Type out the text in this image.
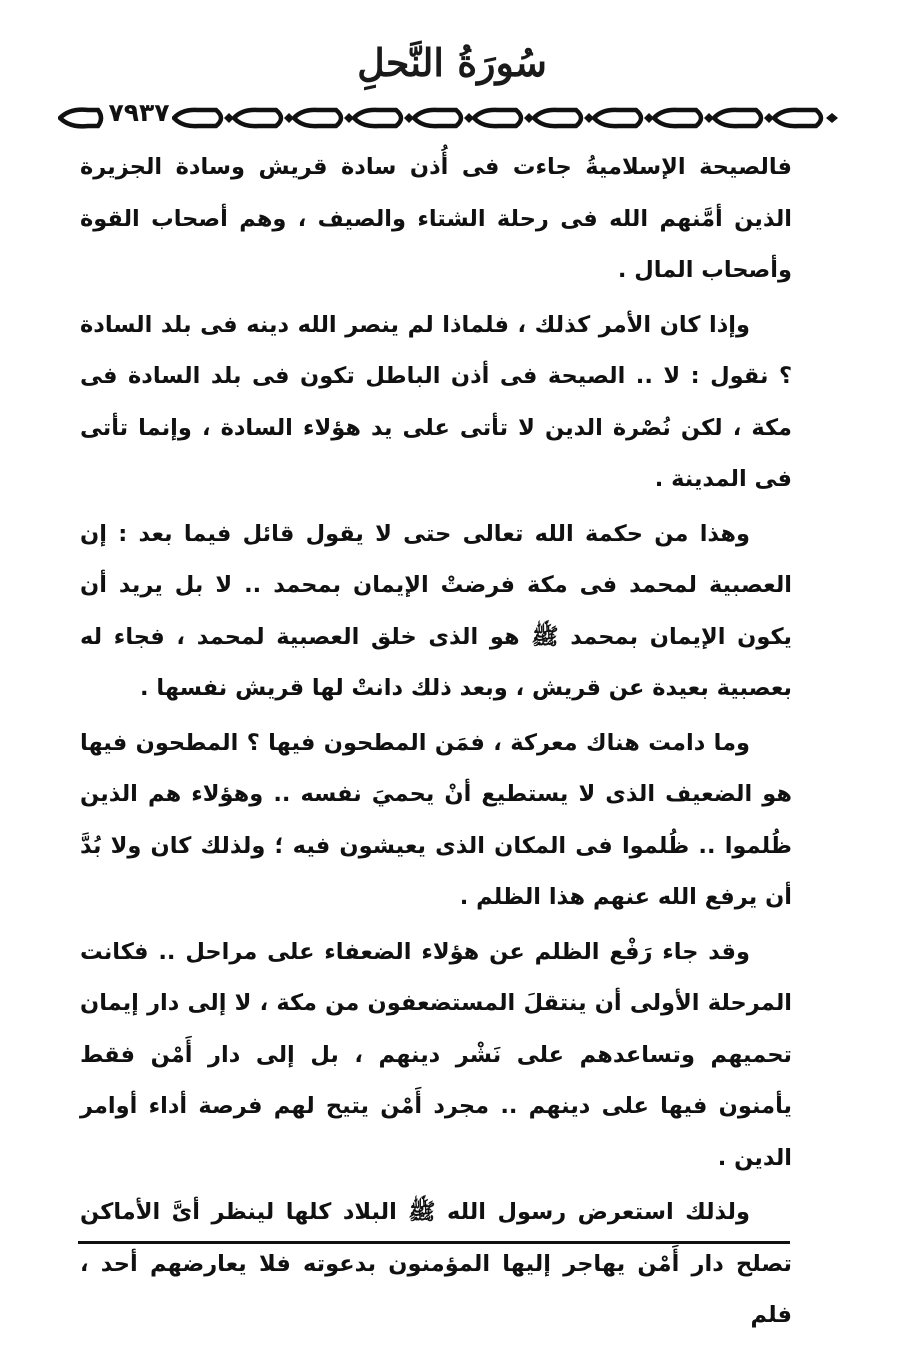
سُورَةُ النَّحلِ
٧٩٣٧

فالصيحة الإسلاميةُ جاءت فى أُذن سادة قريش وسادة الجزيرة الذين أمَّنهم الله فى رحلة الشتاء والصيف ، وهم أصحاب القوة وأصحاب المال .

وإذا كان الأمر كذلك ، فلماذا لم ينصر الله دينه فى بلد السادة ؟ نقول : لا .. الصيحة فى أذن الباطل تكون فى بلد السادة فى مكة ، لكن نُصْرة الدين لا تأتى على يد هؤلاء السادة ، وإنما تأتى فى المدينة .

وهذا من حكمة الله تعالى حتى لا يقول قائل فيما بعد : إن العصبية لمحمد فى مكة فرضتْ الإيمان بمحمد .. لا بل يريد أن يكون الإيمان بمحمد ﷺ هو الذى خلق العصبية لمحمد ، فجاء له بعصبية بعيدة عن قريش ، وبعد ذلك دانتْ لها قريش نفسها .

وما دامت هناك معركة ، فمَن المطحون فيها ؟ المطحون فيها هو الضعيف الذى لا يستطيع أنْ يحميَ نفسه .. وهؤلاء هم الذين ظُلموا .. ظُلموا فى المكان الذى يعيشون فيه ؛ ولذلك كان ولا بُدَّ أن يرفع الله عنهم هذا الظلم .

وقد جاء رَفْع الظلم عن هؤلاء الضعفاء على مراحل .. فكانت المرحلة الأولى أن ينتقلَ المستضعفون من مكة ، لا إلى دار إيمان تحميهم وتساعدهم على نَشْر دينهم ، بل إلى دار أَمْن فقط يأمنون فيها على دينهم .. مجرد أَمْن يتيح لهم فرصة أداء أوامر الدين .

ولذلك استعرض رسول الله ﷺ البلاد كلها لينظر أىَّ الأماكن تصلح دار أَمْن يهاجر إليها المؤمنون بدعوته فلا يعارضهم أحد ، فلم
